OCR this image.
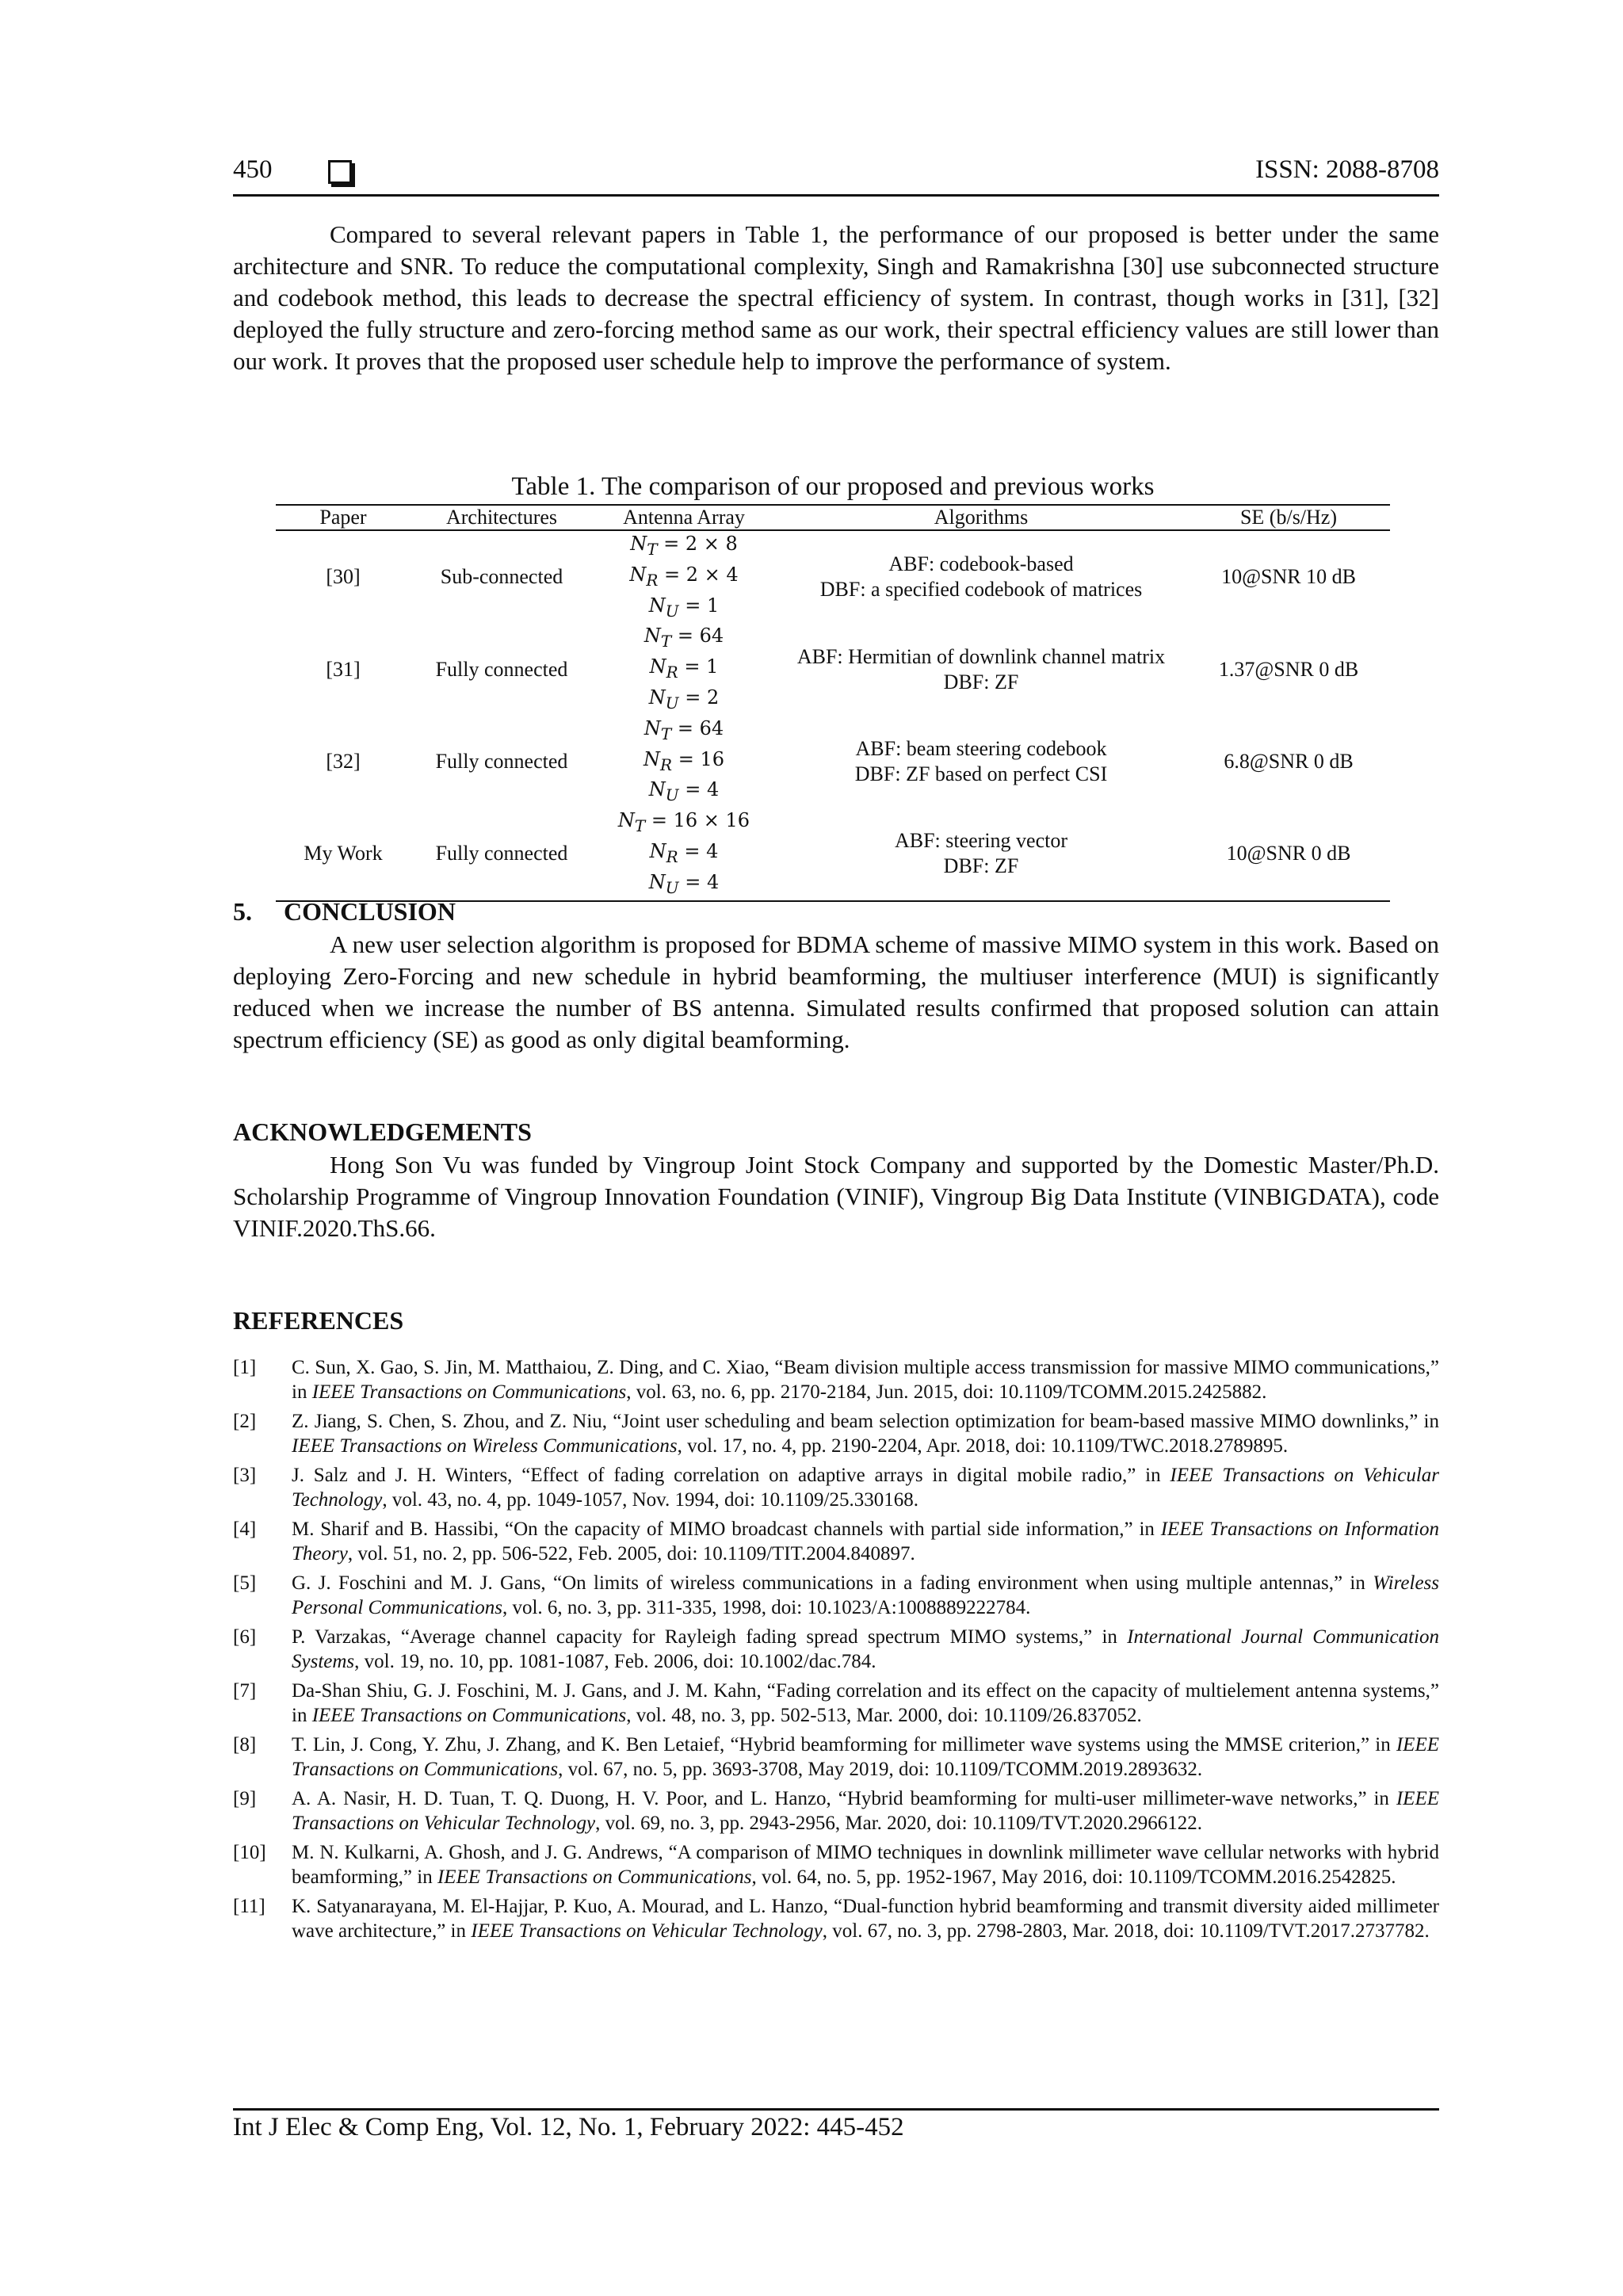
450	ISSN: 2088-8708
Compared to several relevant papers in Table 1, the performance of our proposed is better under the same architecture and SNR. To reduce the computational complexity, Singh and Ramakrishna [30] use subconnected structure and codebook method, this leads to decrease the spectral efficiency of system. In contrast, though works in [31], [32] deployed the fully structure and zero-forcing method same as our work, their spectral efficiency values are still lower than our work. It proves that the proposed user schedule help to improve the performance of system.
Table 1. The comparison of our proposed and previous works
Paper	Architectures	Antenna Array	Algorithms	SE (b/s/Hz)
[30]	Sub-connected	$N_T = 2 \times 8$
$N_R = 2 \times 4$
$N_U = 1$	ABF: codebook-based
DBF: a specified codebook of matrices	10@SNR 10 dB
[31]	Fully connected	$N_T = 64$
$N_R = 1$
$N_U = 2$	ABF: Hermitian of downlink channel matrix
DBF: ZF	1.37@SNR 0 dB
[32]	Fully connected	$N_T = 64$
$N_R = 16$
$N_U = 4$	ABF: beam steering codebook
DBF: ZF based on perfect CSI	6.8@SNR 0 dB
My Work	Fully connected	$N_T = 16 \times 16$
$N_R = 4$
$N_U = 4$	ABF: steering vector
DBF: ZF	10@SNR 0 dB
5.     CONCLUSION
A new user selection algorithm is proposed for BDMA scheme of massive MIMO system in this work. Based on deploying Zero-Forcing and new schedule in hybrid beamforming, the multiuser interference (MUI) is significantly reduced when we increase the number of BS antenna. Simulated results confirmed that proposed solution can attain spectrum efficiency (SE) as good as only digital beamforming.
ACKNOWLEDGEMENTS
Hong Son Vu was funded by Vingroup Joint Stock Company and supported by the Domestic Master/Ph.D. Scholarship Programme of Vingroup Innovation Foundation (VINIF), Vingroup Big Data Institute (VINBIGDATA), code VINIF.2020.ThS.66.
REFERENCES
[1] C. Sun, X. Gao, S. Jin, M. Matthaiou, Z. Ding, and C. Xiao, “Beam division multiple access transmission for massive MIMO communications,” in IEEE Transactions on Communications, vol. 63, no. 6, pp. 2170-2184, Jun. 2015, doi: 10.1109/TCOMM.2015.2425882.
[2] Z. Jiang, S. Chen, S. Zhou, and Z. Niu, “Joint user scheduling and beam selection optimization for beam-based massive MIMO downlinks,” in IEEE Transactions on Wireless Communications, vol. 17, no. 4, pp. 2190-2204, Apr. 2018, doi: 10.1109/TWC.2018.2789895.
[3] J. Salz and J. H. Winters, “Effect of fading correlation on adaptive arrays in digital mobile radio,” in IEEE Transactions on Vehicular Technology, vol. 43, no. 4, pp. 1049-1057, Nov. 1994, doi: 10.1109/25.330168.
[4] M. Sharif and B. Hassibi, “On the capacity of MIMO broadcast channels with partial side information,” in IEEE Transactions on Information Theory, vol. 51, no. 2, pp. 506-522, Feb. 2005, doi: 10.1109/TIT.2004.840897.
[5] G. J. Foschini and M. J. Gans, “On limits of wireless communications in a fading environment when using multiple antennas,” in Wireless Personal Communications, vol. 6, no. 3, pp. 311-335, 1998, doi: 10.1023/A:1008889222784.
[6] P. Varzakas, “Average channel capacity for Rayleigh fading spread spectrum MIMO systems,” in International Journal Communication Systems, vol. 19, no. 10, pp. 1081-1087, Feb. 2006, doi: 10.1002/dac.784.
[7] Da-Shan Shiu, G. J. Foschini, M. J. Gans, and J. M. Kahn, “Fading correlation and its effect on the capacity of multielement antenna systems,” in IEEE Transactions on Communications, vol. 48, no. 3, pp. 502-513, Mar. 2000, doi: 10.1109/26.837052.
[8] T. Lin, J. Cong, Y. Zhu, J. Zhang, and K. Ben Letaief, “Hybrid beamforming for millimeter wave systems using the MMSE criterion,” in IEEE Transactions on Communications, vol. 67, no. 5, pp. 3693-3708, May 2019, doi: 10.1109/TCOMM.2019.2893632.
[9] A. A. Nasir, H. D. Tuan, T. Q. Duong, H. V. Poor, and L. Hanzo, “Hybrid beamforming for multi-user millimeter-wave networks,” in IEEE Transactions on Vehicular Technology, vol. 69, no. 3, pp. 2943-2956, Mar. 2020, doi: 10.1109/TVT.2020.2966122.
[10] M. N. Kulkarni, A. Ghosh, and J. G. Andrews, “A comparison of MIMO techniques in downlink millimeter wave cellular networks with hybrid beamforming,” in IEEE Transactions on Communications, vol. 64, no. 5, pp. 1952-1967, May 2016, doi: 10.1109/TCOMM.2016.2542825.
[11] K. Satyanarayana, M. El-Hajjar, P. Kuo, A. Mourad, and L. Hanzo, “Dual-function hybrid beamforming and transmit diversity aided millimeter wave architecture,” in IEEE Transactions on Vehicular Technology, vol. 67, no. 3, pp. 2798-2803, Mar. 2018, doi: 10.1109/TVT.2017.2737782.
Int J Elec & Comp Eng, Vol. 12, No. 1, February 2022: 445-452
